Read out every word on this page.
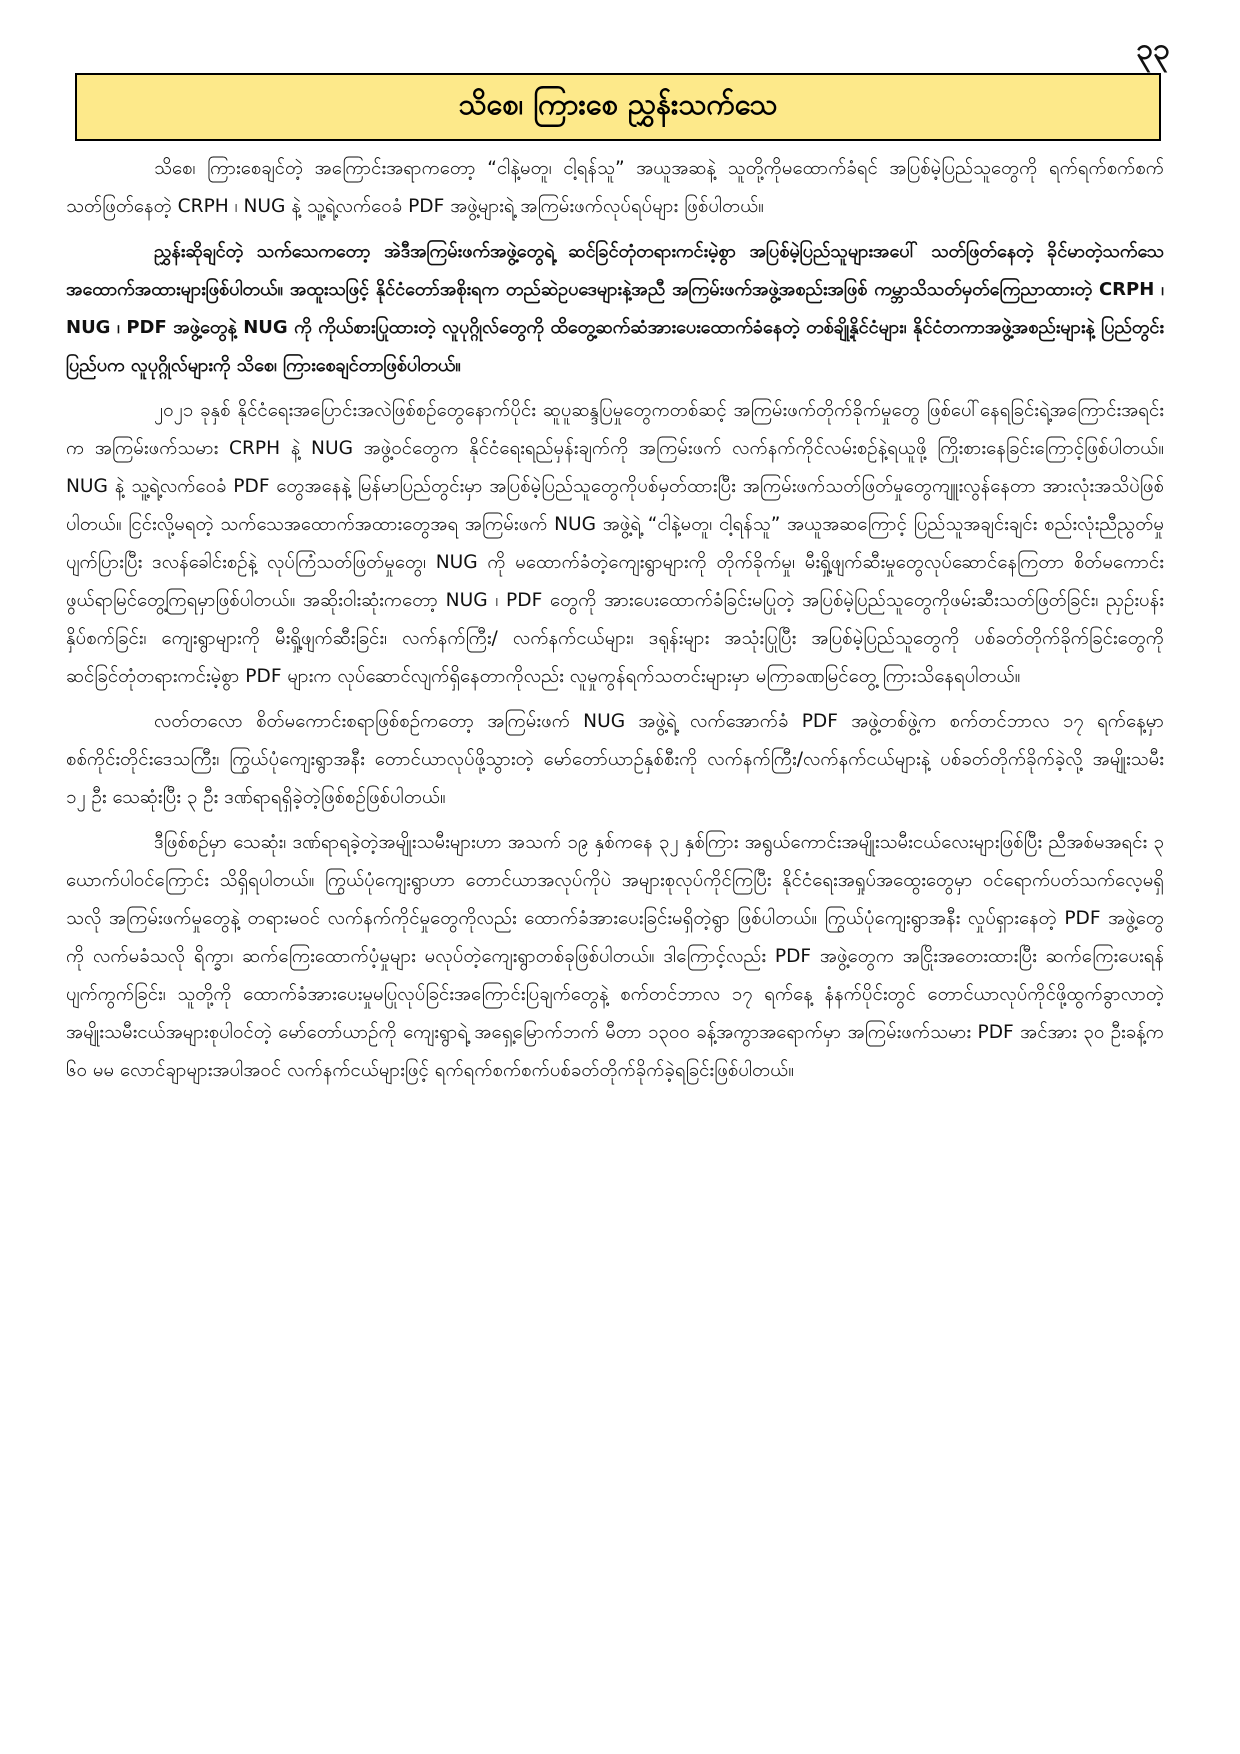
၃၃
သိစေ၊ ကြားစေ ညွှန်းသက်သေ

သိစေ၊ ကြားစေချင်တဲ့ အကြောင်းအရာကတော့ “ငါနဲ့မတူ၊ ငါ့ရန်သူ” အယူအဆနဲ့ သူတို့ကိုမထောက်ခံရင် အပြစ်မဲ့ပြည်သူတွေကို ရက်ရက်စက်စက်သတ်ဖြတ်နေတဲ့ CRPH ၊ NUG နဲ့ သူ့ရဲ့လက်ဝေခံ PDF အဖွဲ့များရဲ့ အကြမ်းဖက်လုပ်ရပ်များ ဖြစ်ပါတယ်။

ညွှန်းဆိုချင်တဲ့ သက်သေကတော့ အဲဒီအကြမ်းဖက်အဖွဲ့တွေရဲ့ ဆင်ခြင်တုံတရားကင်းမဲ့စွာ အပြစ်မဲ့ပြည်သူများအပေါ် သတ်ဖြတ်နေတဲ့ ခိုင်မာတဲ့သက်သေအထောက်အထားများဖြစ်ပါတယ်။ အထူးသဖြင့် နိုင်ငံတော်အစိုးရက တည်ဆဲဥပဒေများနဲ့အညီ အကြမ်းဖက်အဖွဲ့အစည်းအဖြစ် ကမ္ဘာသိသတ်မှတ်ကြေညာထားတဲ့ CRPH ၊ NUG ၊ PDF အဖွဲ့တွေနဲ့ NUG ကို ကိုယ်စားပြုထားတဲ့ လူပုဂ္ဂိုလ်တွေကို ထိတွေ့ဆက်ဆံအားပေးထောက်ခံနေတဲ့ တစ်ချို့နိုင်ငံများ၊ နိုင်ငံတကာအဖွဲ့အစည်းများနဲ့ ပြည်တွင်းပြည်ပက လူပုဂ္ဂိုလ်များကို သိစေ၊ ကြားစေချင်တာဖြစ်ပါတယ်။

၂၀၂၁ ခုနှစ် နိုင်ငံရေးအပြောင်းအလဲဖြစ်စဉ်တွေနောက်ပိုင်း ဆူပူဆန္ဒပြမှုတွေကတစ်ဆင့် အကြမ်းဖက်တိုက်ခိုက်မှုတွေ ဖြစ်ပေါ်နေရခြင်းရဲ့အကြောင်းအရင်းက အကြမ်းဖက်သမား CRPH နဲ့ NUG အဖွဲ့ဝင်တွေက နိုင်ငံရေးရည်မှန်းချက်ကို အကြမ်းဖက် လက်နက်ကိုင်လမ်းစဉ်နဲ့ရယူဖို့ ကြိုးစားနေခြင်းကြောင့်ဖြစ်ပါတယ်။ NUG နဲ့ သူ့ရဲ့လက်ဝေခံ PDF တွေအနေနဲ့ မြန်မာပြည်တွင်းမှာ အပြစ်မဲ့ပြည်သူတွေကိုပစ်မှတ်ထားပြီး အကြမ်းဖက်သတ်ဖြတ်မှုတွေကျူးလွန်နေတာ အားလုံးအသိပဲဖြစ်ပါတယ်။ ငြင်းလို့မရတဲ့ သက်သေအထောက်အထားတွေအရ အကြမ်းဖက် NUG အဖွဲ့ရဲ့ “ငါနဲ့မတူ၊ ငါ့ရန်သူ” အယူအဆကြောင့် ပြည်သူအချင်းချင်း စည်းလုံးညီညွတ်မှုပျက်ပြားပြီး ဒလန်ခေါင်းစဉ်နဲ့ လုပ်ကြံသတ်ဖြတ်မှုတွေ၊ NUG ကို မထောက်ခံတဲ့ကျေးရွာများကို တိုက်ခိုက်မှု၊ မီးရှို့ဖျက်ဆီးမှုတွေလုပ်ဆောင်နေကြတာ စိတ်မကောင်းဖွယ်ရာမြင်တွေ့ကြရမှာဖြစ်ပါတယ်။ အဆိုးဝါးဆုံးကတော့ NUG ၊ PDF တွေကို အားပေးထောက်ခံခြင်းမပြုတဲ့ အပြစ်မဲ့ပြည်သူတွေကိုဖမ်းဆီးသတ်ဖြတ်ခြင်း၊ ညှဉ်းပန်းနှိပ်စက်ခြင်း၊ ကျေးရွာများကို မီးရှို့ဖျက်ဆီးခြင်း၊ လက်နက်ကြီး/ လက်နက်ငယ်များ၊ ဒရုန်းများ အသုံးပြုပြီး အပြစ်မဲ့ပြည်သူတွေကို ပစ်ခတ်တိုက်ခိုက်ခြင်းတွေကို ဆင်ခြင်တုံတရားကင်းမဲ့စွာ PDF များက လုပ်ဆောင်လျက်ရှိနေတာကိုလည်း လူမှုကွန်ရက်သတင်းများမှာ မကြာခဏမြင်တွေ့ ကြားသိနေရပါတယ်။

လတ်တလော စိတ်မကောင်းစရာဖြစ်စဉ်ကတော့ အကြမ်းဖက် NUG အဖွဲ့ရဲ့ လက်အောက်ခံ PDF အဖွဲ့တစ်ဖွဲ့က စက်တင်ဘာလ ၁၇ ရက်နေ့မှာ စစ်ကိုင်းတိုင်းဒေသကြီး၊ ကြွယ်ပုံကျေးရွာအနီး တောင်ယာလုပ်ဖို့သွားတဲ့ မော်တော်ယာဉ်နှစ်စီးကို လက်နက်ကြီး/လက်နက်ငယ်များနဲ့ ပစ်ခတ်တိုက်ခိုက်ခဲ့လို့ အမျိုးသမီး ၁၂ ဦး သေဆုံးပြီး ၃ ဦး ဒဏ်ရာရရှိခဲ့တဲ့ဖြစ်စဉ်ဖြစ်ပါတယ်။

ဒီဖြစ်စဉ်မှာ သေဆုံး၊ ဒဏ်ရာရခဲ့တဲ့အမျိုးသမီးများဟာ အသက် ၁၉ နှစ်ကနေ ၃၂ နှစ်ကြား အရွယ်ကောင်းအမျိုးသမီးငယ်လေးများဖြစ်ပြီး ညီအစ်မအရင်း ၃ ယောက်ပါဝင်ကြောင်း သိရှိရပါတယ်။ ကြွယ်ပုံကျေးရွာဟာ တောင်ယာအလုပ်ကိုပဲ အများစုလုပ်ကိုင်ကြပြီး နိုင်ငံရေးအရှုပ်အထွေးတွေမှာ ဝင်ရောက်ပတ်သက်လေ့မရှိသလို အကြမ်းဖက်မှုတွေနဲ့ တရားမဝင် လက်နက်ကိုင်မှုတွေကိုလည်း ထောက်ခံအားပေးခြင်းမရှိတဲ့ရွာ ဖြစ်ပါတယ်။ ကြွယ်ပုံကျေးရွာအနီး လှုပ်ရှားနေတဲ့ PDF အဖွဲ့တွေကို လက်မခံသလို ရိက္ခာ၊ ဆက်ကြေးထောက်ပံ့မှုများ မလုပ်တဲ့ကျေးရွာတစ်ခုဖြစ်ပါတယ်။ ဒါကြောင့်လည်း PDF အဖွဲ့တွေက အငြိုးအတေးထားပြီး ဆက်ကြေးပေးရန်ပျက်ကွက်ခြင်း၊ သူတို့ကို ထောက်ခံအားပေးမှုမပြုလုပ်ခြင်းအကြောင်းပြချက်တွေနဲ့ စက်တင်ဘာလ ၁၇ ရက်နေ့ နံနက်ပိုင်းတွင် တောင်ယာလုပ်ကိုင်ဖို့ထွက်ခွာလာတဲ့ အမျိုးသမီးငယ်အများစုပါဝင်တဲ့ မော်တော်ယာဉ်ကို ကျေးရွာရဲ့ အရှေ့မြောက်ဘက် မီတာ ၁၃၀၀ ခန့်အကွာအရောက်မှာ အကြမ်းဖက်သမား PDF အင်အား ၃၀ ဦးခန့်က ၆၀ မမ လောင်ချာများအပါအဝင် လက်နက်ငယ်များဖြင့် ရက်ရက်စက်စက်ပစ်ခတ်တိုက်ခိုက်ခဲ့ရခြင်းဖြစ်ပါတယ်။
